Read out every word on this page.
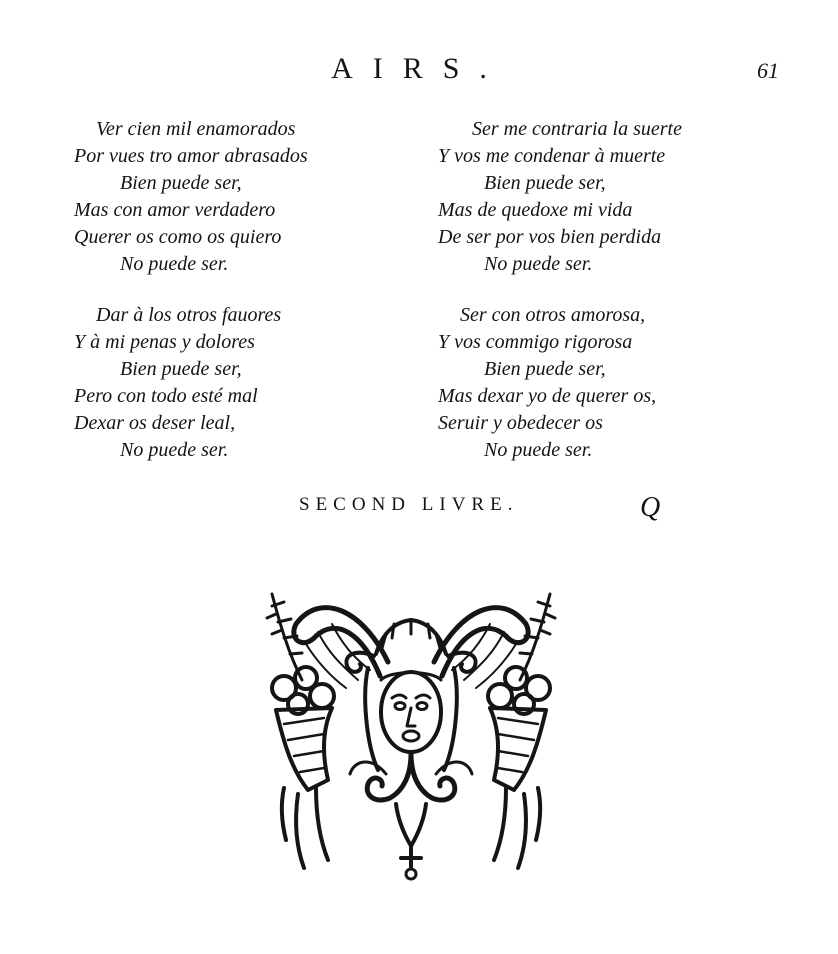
AIRS.	61
Ver cien mil enamorados
Por vues tro amor abrasados
Bien puede ser,
Mas con amor verdadero
Querer os como os quiero
No puede ser.
Ser me contraria la suerte
Y vos me condenar à muerte
Bien puede ser,
Mas de quedoxe mi vida
De ser por vos bien perdida
No puede ser.
Dar à los otros fauores
Y à mi penas y dolores
Bien puede ser,
Pero con todo esté mal
Dexar os deser leal,
No puede ser.
Ser con otros amorosa,
Y vos commigo rigorosa
Bien puede ser,
Mas dexar yo de querer os,
Seruir y obedecer os
No puede ser.
SECOND LIVRE.	Q
